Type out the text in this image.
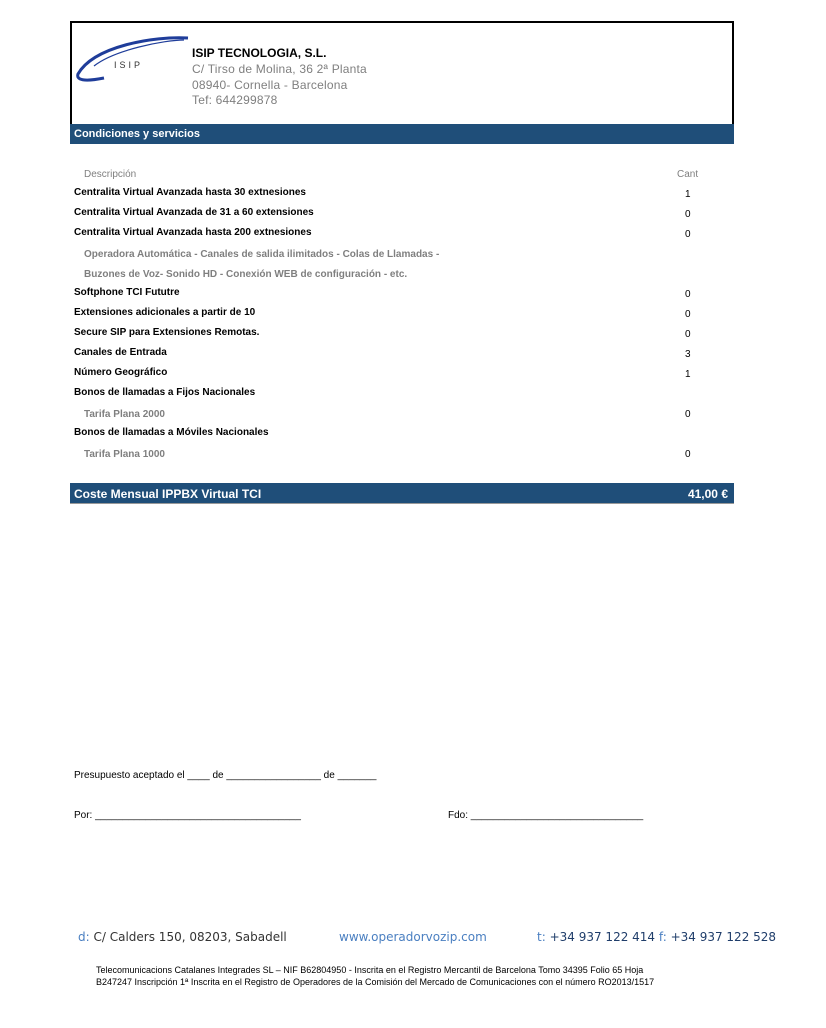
ISIP
ISIP TECNOLOGIA, S.L.
C/ Tirso de Molina, 36 2ª Planta
08940- Cornella - Barcelona
Tef: 644299878
Condiciones y servicios
Descripción	Cant
Centralita Virtual Avanzada hasta 30 extnesiones	1
Centralita Virtual Avanzada de 31 a 60 extensiones	0
Centralita Virtual Avanzada hasta 200 extnesiones	0
Operadora Automática - Canales de salida ilimitados - Colas de Llamadas -
Buzones de Voz- Sonido HD - Conexión WEB de configuración - etc.
Softphone TCI Fututre	0
Extensiones adicionales a partir de 10	0
Secure SIP para Extensiones Remotas.	0
Canales de Entrada	3
Número Geográfico	1
Bonos de llamadas a Fijos Nacionales
Tarifa Plana 2000	0
Bonos de llamadas a Móviles Nacionales
Tarifa Plana 1000	0
Coste Mensual IPPBX Virtual TCI	41,00 €
Presupuesto aceptado el ____ de _________________ de _______
Por: _____________________________________	Fdo: _______________________________
d: C/ Calders 150, 08203, Sabadell	www.operadorvozip.com	t: +34 937 122 414 f: +34 937 122 528
Telecomunicacions Catalanes Integrades SL – NIF B62804950 - Inscrita en el Registro Mercantil de Barcelona Tomo 34395 Folio 65 Hoja
B247247 Inscripción 1ª Inscrita en el Registro de Operadores de la Comisión del Mercado de Comunicaciones con el número RO2013/1517
